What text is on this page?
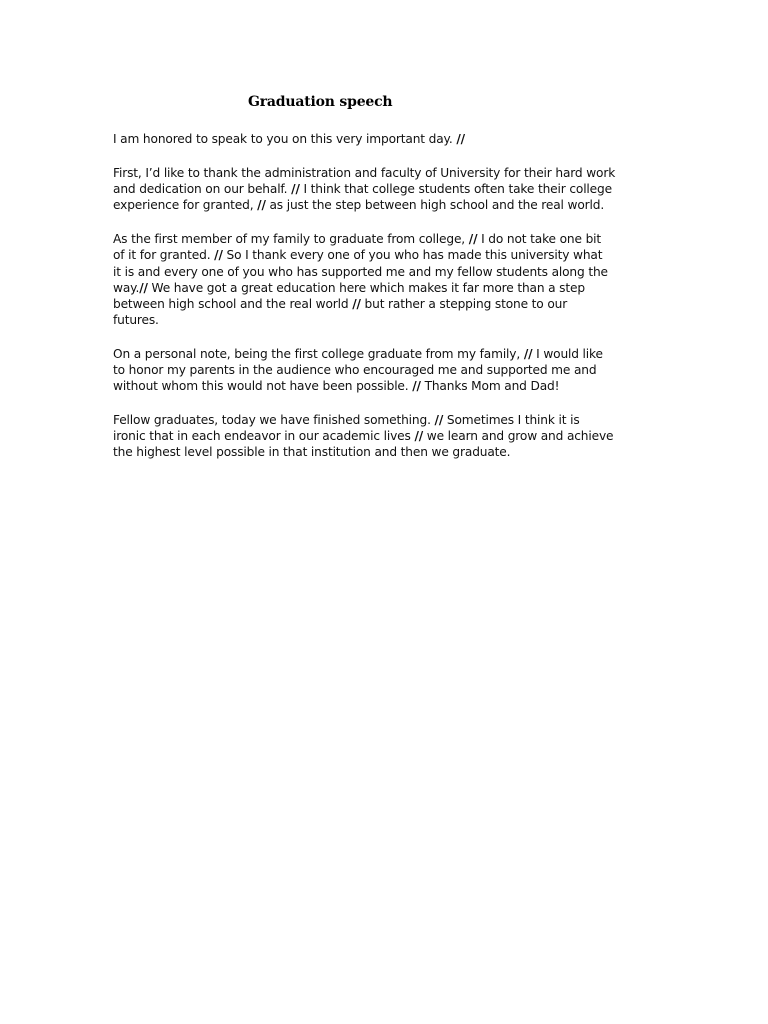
Graduation speech

I am honored to speak to you on this very important day. //

First, I’d like to thank the administration and faculty of University for their hard work
and dedication on our behalf. // I think that college students often take their college
experience for granted, // as just the step between high school and the real world.

As the first member of my family to graduate from college, // I do not take one bit
of it for granted. // So I thank every one of you who has made this university what
it is and every one of you who has supported me and my fellow students along the
way.// We have got a great education here which makes it far more than a step
between high school and the real world // but rather a stepping stone to our
futures.

On a personal note, being the first college graduate from my family, // I would like
to honor my parents in the audience who encouraged me and supported me and
without whom this would not have been possible. // Thanks Mom and Dad!

Fellow graduates, today we have finished something. // Sometimes I think it is
ironic that in each endeavor in our academic lives // we learn and grow and achieve
the highest level possible in that institution and then we graduate.
